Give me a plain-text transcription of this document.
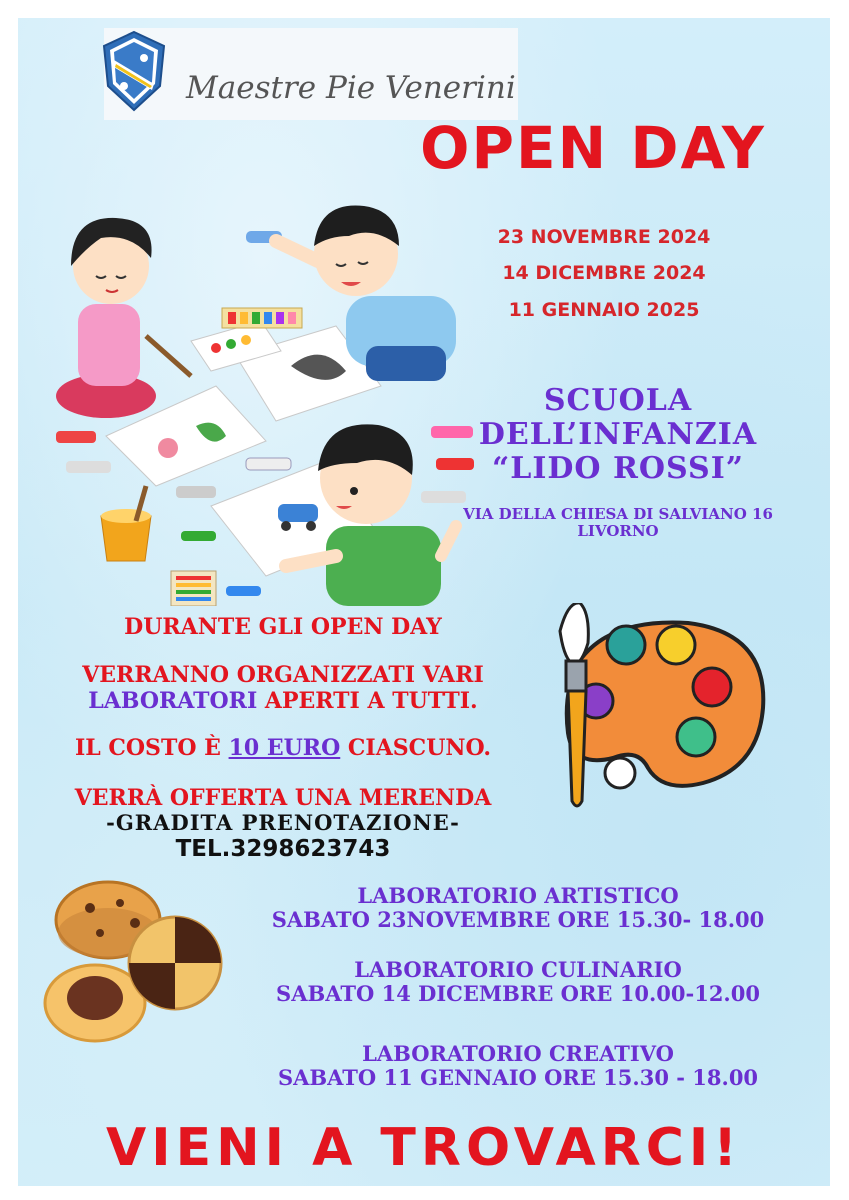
Maestre Pie Venerini
OPEN DAY
23 NOVEMBRE 2024
14 DICEMBRE 2024
11 GENNAIO 2025
SCUOLA
DELL’INFANZIA
“LIDO ROSSI”
VIA DELLA CHIESA DI SALVIANO 16
LIVORNO
DURANTE GLI OPEN DAY
VERRANNO ORGANIZZATI VARI
LABORATORI APERTI A TUTTI.
IL COSTO È 10 EURO CIASCUNO.
VERRÀ OFFERTA UNA MERENDA
-GRADITA PRENOTAZIONE-
TEL.3298623743
LABORATORIO ARTISTICO
SABATO 23NOVEMBRE ORE 15.30- 18.00
LABORATORIO CULINARIO
SABATO 14 DICEMBRE ORE 10.00-12.00
LABORATORIO CREATIVO
SABATO 11 GENNAIO ORE 15.30 - 18.00
VIENI A TROVARCI!
